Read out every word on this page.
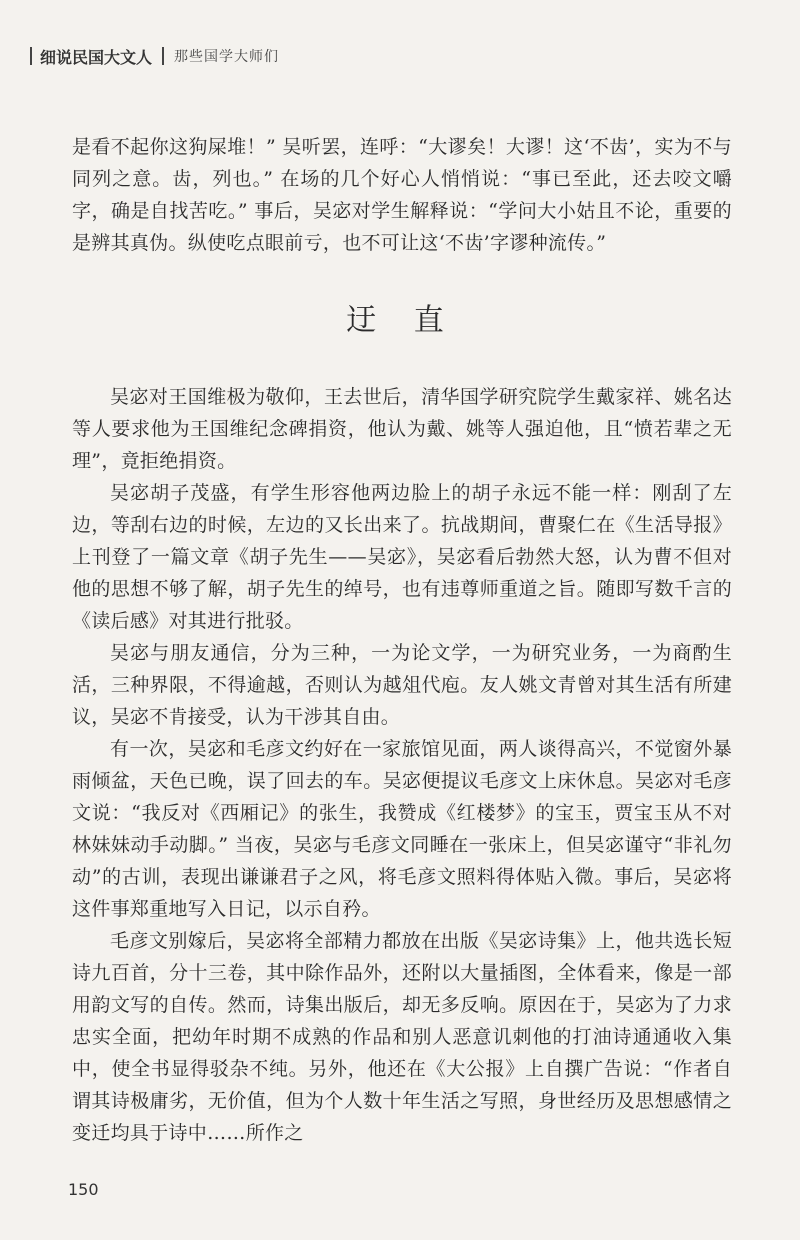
细说民国大文人 那些国学大师们

是看不起你这狗屎堆！” 吴听罢，连呼：“大谬矣！大谬！这‘不齿’，实为不与同列之意。齿，列也。” 在场的几个好心人悄悄说：“事已至此，还去咬文嚼字，确是自找苦吃。” 事后，吴宓对学生解释说：“学问大小姑且不论，重要的是辨其真伪。纵使吃点眼前亏，也不可让这‘不齿’字谬种流传。”

迂 直

吴宓对王国维极为敬仰，王去世后，清华国学研究院学生戴家祥、姚名达等人要求他为王国维纪念碑捐资，他认为戴、姚等人强迫他，且“愤若辈之无理”，竟拒绝捐资。

吴宓胡子茂盛，有学生形容他两边脸上的胡子永远不能一样：刚刮了左边，等刮右边的时候，左边的又长出来了。抗战期间，曹聚仁在《生活导报》上刊登了一篇文章《胡子先生——吴宓》，吴宓看后勃然大怒，认为曹不但对他的思想不够了解，胡子先生的绰号，也有违尊师重道之旨。随即写数千言的《读后感》对其进行批驳。

吴宓与朋友通信，分为三种，一为论文学，一为研究业务，一为商酌生活，三种界限，不得逾越，否则认为越俎代庖。友人姚文青曾对其生活有所建议，吴宓不肯接受，认为干涉其自由。

有一次，吴宓和毛彦文约好在一家旅馆见面，两人谈得高兴，不觉窗外暴雨倾盆，天色已晚，误了回去的车。吴宓便提议毛彦文上床休息。吴宓对毛彦文说：“我反对《西厢记》的张生，我赞成《红楼梦》的宝玉，贾宝玉从不对林妹妹动手动脚。” 当夜，吴宓与毛彦文同睡在一张床上，但吴宓谨守“非礼勿动”的古训，表现出谦谦君子之风，将毛彦文照料得体贴入微。事后，吴宓将这件事郑重地写入日记，以示自矜。

毛彦文别嫁后，吴宓将全部精力都放在出版《吴宓诗集》上，他共选长短诗九百首，分十三卷，其中除作品外，还附以大量插图，全体看来，像是一部用韵文写的自传。然而，诗集出版后，却无多反响。原因在于，吴宓为了力求忠实全面，把幼年时期不成熟的作品和别人恶意讥刺他的打油诗通通收入集中，使全书显得驳杂不纯。另外，他还在《大公报》上自撰广告说：“作者自谓其诗极庸劣，无价值，但为个人数十年生活之写照，身世经历及思想感情之变迁均具于诗中……所作之

150
